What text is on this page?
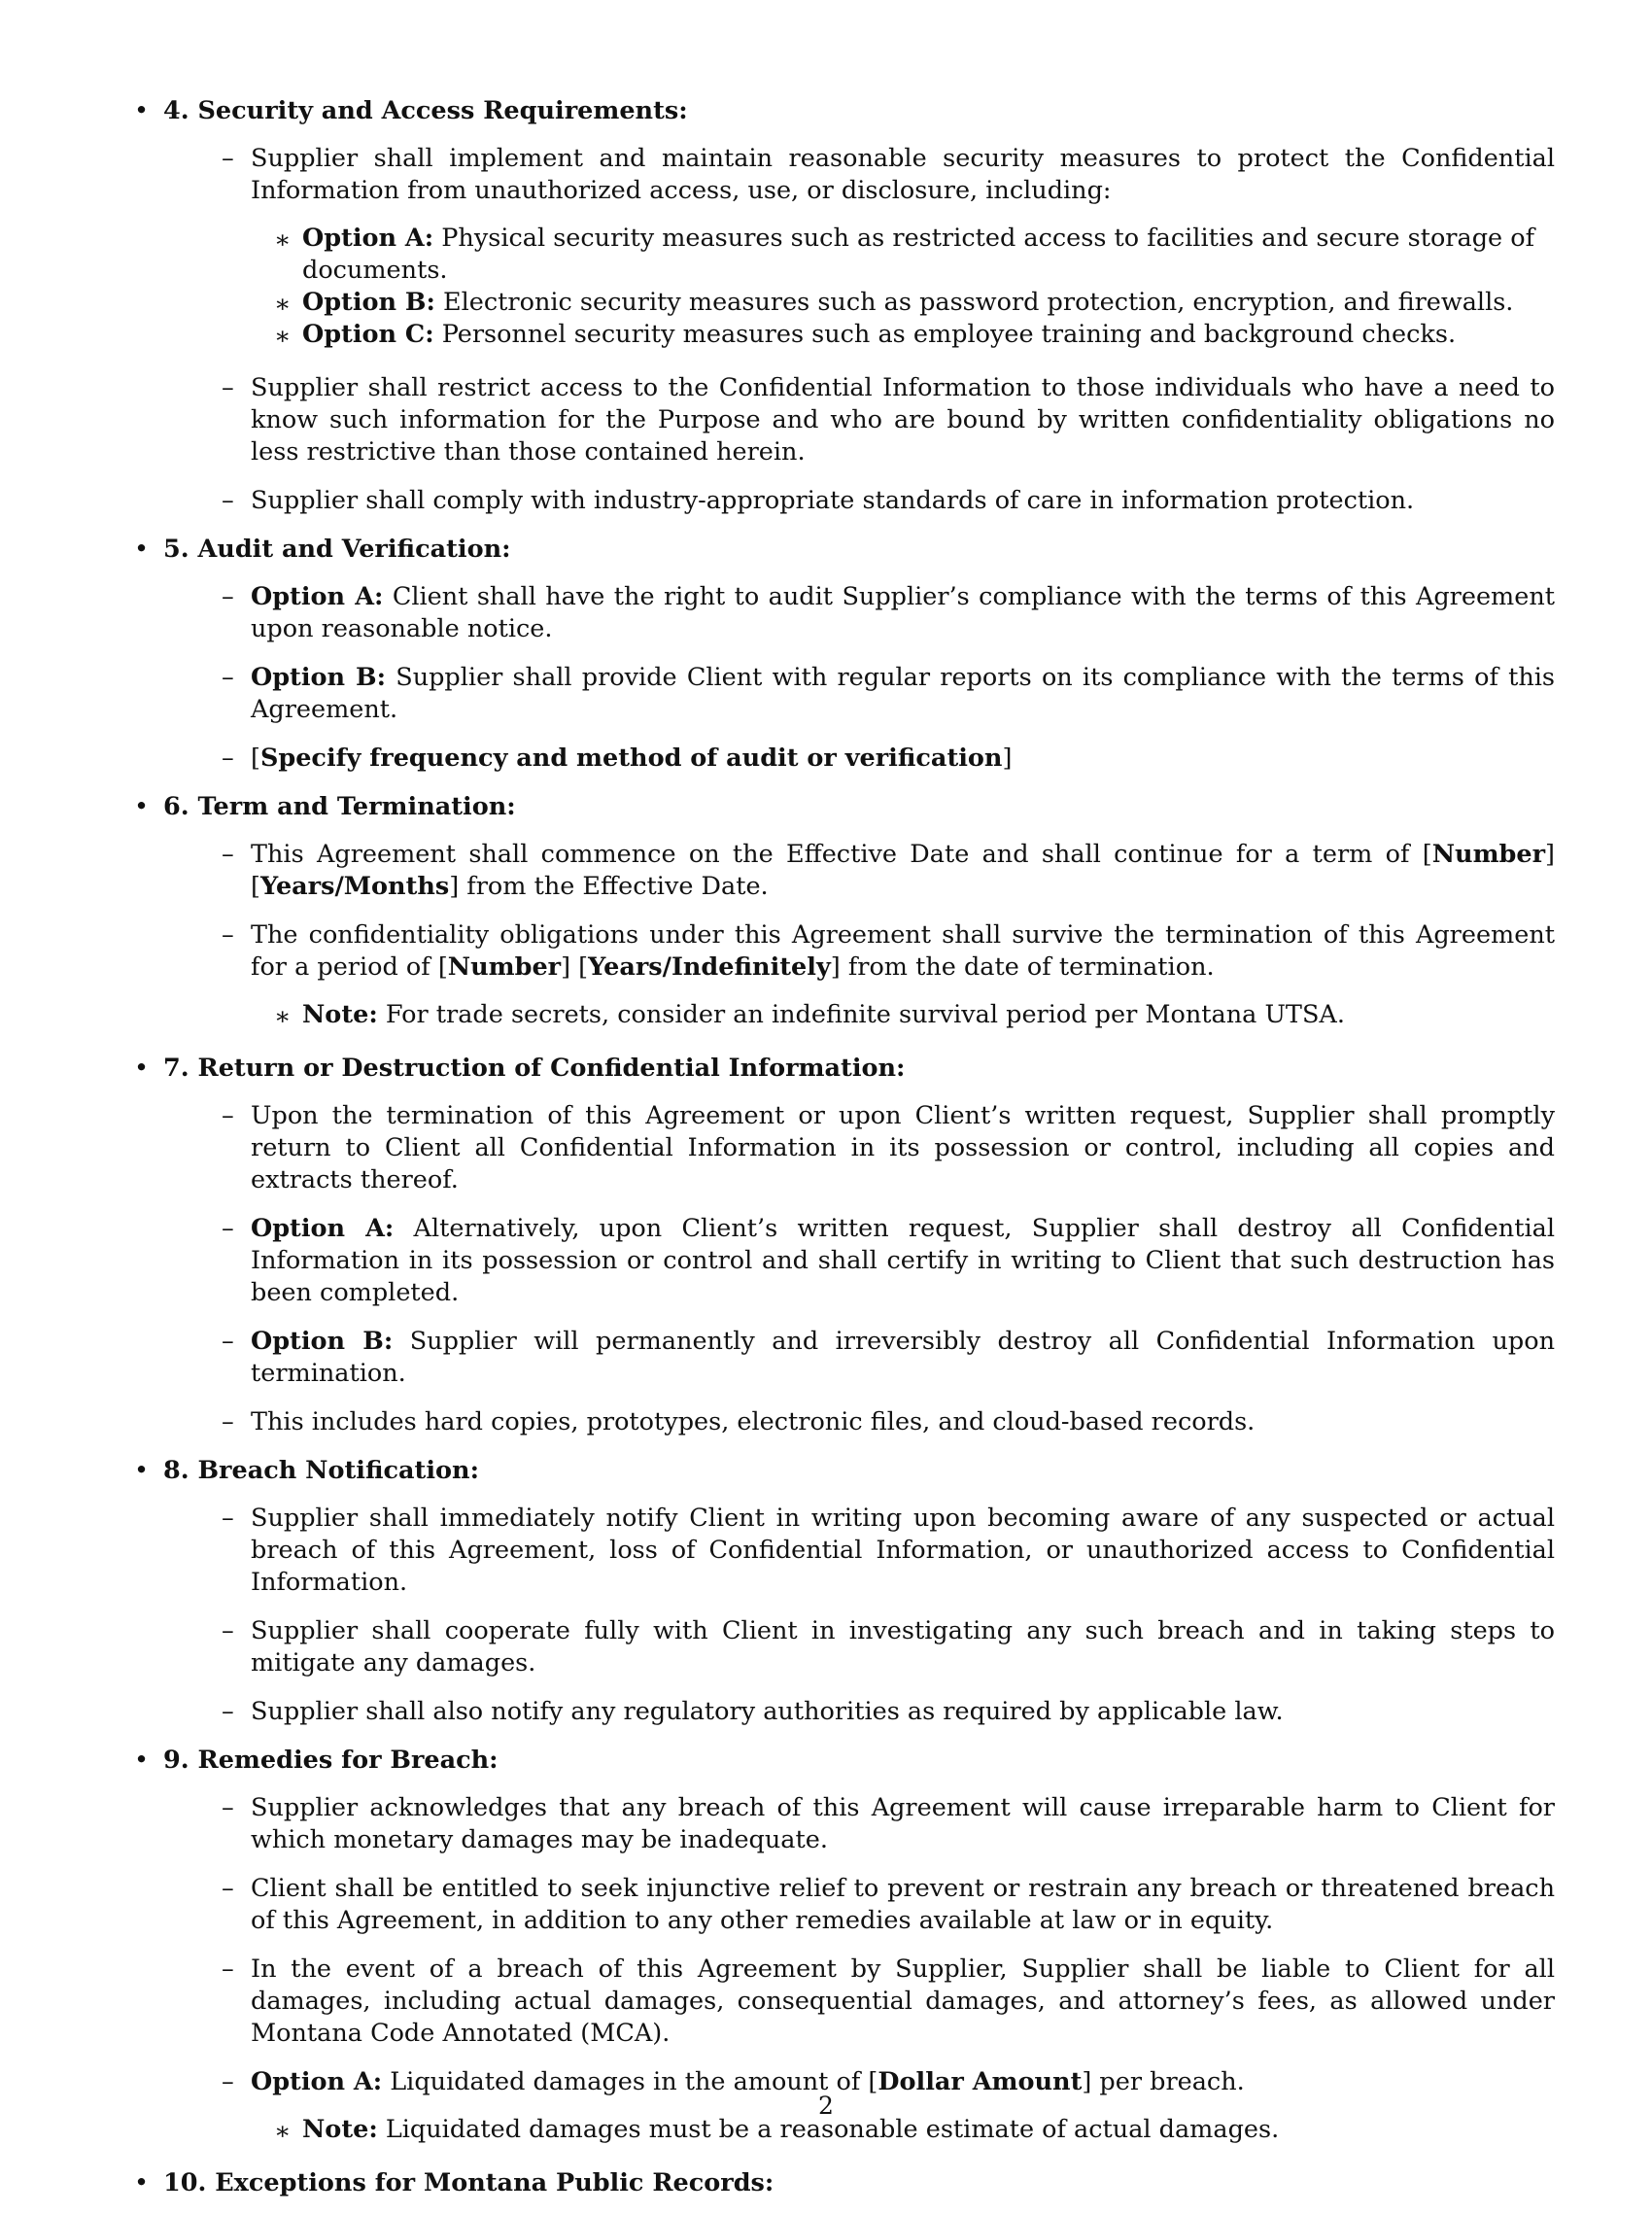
• 4. Security and Access Requirements:
– Supplier shall implement and maintain reasonable security measures to protect the Confidential Information from unauthorized access, use, or disclosure, including:
∗ Option A: Physical security measures such as restricted access to facilities and secure storage of documents.
∗ Option B: Electronic security measures such as password protection, encryption, and firewalls.
∗ Option C: Personnel security measures such as employee training and background checks.
– Supplier shall restrict access to the Confidential Information to those individuals who have a need to know such information for the Purpose and who are bound by written confidentiality obligations no less restrictive than those contained herein.
– Supplier shall comply with industry-appropriate standards of care in information protection.
• 5. Audit and Verification:
– Option A: Client shall have the right to audit Supplier’s compliance with the terms of this Agreement upon reasonable notice.
– Option B: Supplier shall provide Client with regular reports on its compliance with the terms of this Agreement.
– [Specify frequency and method of audit or verification]
• 6. Term and Termination:
– This Agreement shall commence on the Effective Date and shall continue for a term of [Number] [Years/Months] from the Effective Date.
– The confidentiality obligations under this Agreement shall survive the termination of this Agreement for a period of [Number] [Years/Indefinitely] from the date of termination.
∗ Note: For trade secrets, consider an indefinite survival period per Montana UTSA.
• 7. Return or Destruction of Confidential Information:
– Upon the termination of this Agreement or upon Client’s written request, Supplier shall promptly return to Client all Confidential Information in its possession or control, including all copies and extracts thereof.
– Option A: Alternatively, upon Client’s written request, Supplier shall destroy all Confidential Information in its possession or control and shall certify in writing to Client that such destruction has been completed.
– Option B: Supplier will permanently and irreversibly destroy all Confidential Information upon termination.
– This includes hard copies, prototypes, electronic files, and cloud-based records.
• 8. Breach Notification:
– Supplier shall immediately notify Client in writing upon becoming aware of any suspected or actual breach of this Agreement, loss of Confidential Information, or unauthorized access to Confidential Information.
– Supplier shall cooperate fully with Client in investigating any such breach and in taking steps to mitigate any damages.
– Supplier shall also notify any regulatory authorities as required by applicable law.
• 9. Remedies for Breach:
– Supplier acknowledges that any breach of this Agreement will cause irreparable harm to Client for which monetary damages may be inadequate.
– Client shall be entitled to seek injunctive relief to prevent or restrain any breach or threatened breach of this Agreement, in addition to any other remedies available at law or in equity.
– In the event of a breach of this Agreement by Supplier, Supplier shall be liable to Client for all damages, including actual damages, consequential damages, and attorney’s fees, as allowed under Montana Code Annotated (MCA).
– Option A: Liquidated damages in the amount of [Dollar Amount] per breach.
∗ Note: Liquidated damages must be a reasonable estimate of actual damages.
• 10. Exceptions for Montana Public Records:
2
